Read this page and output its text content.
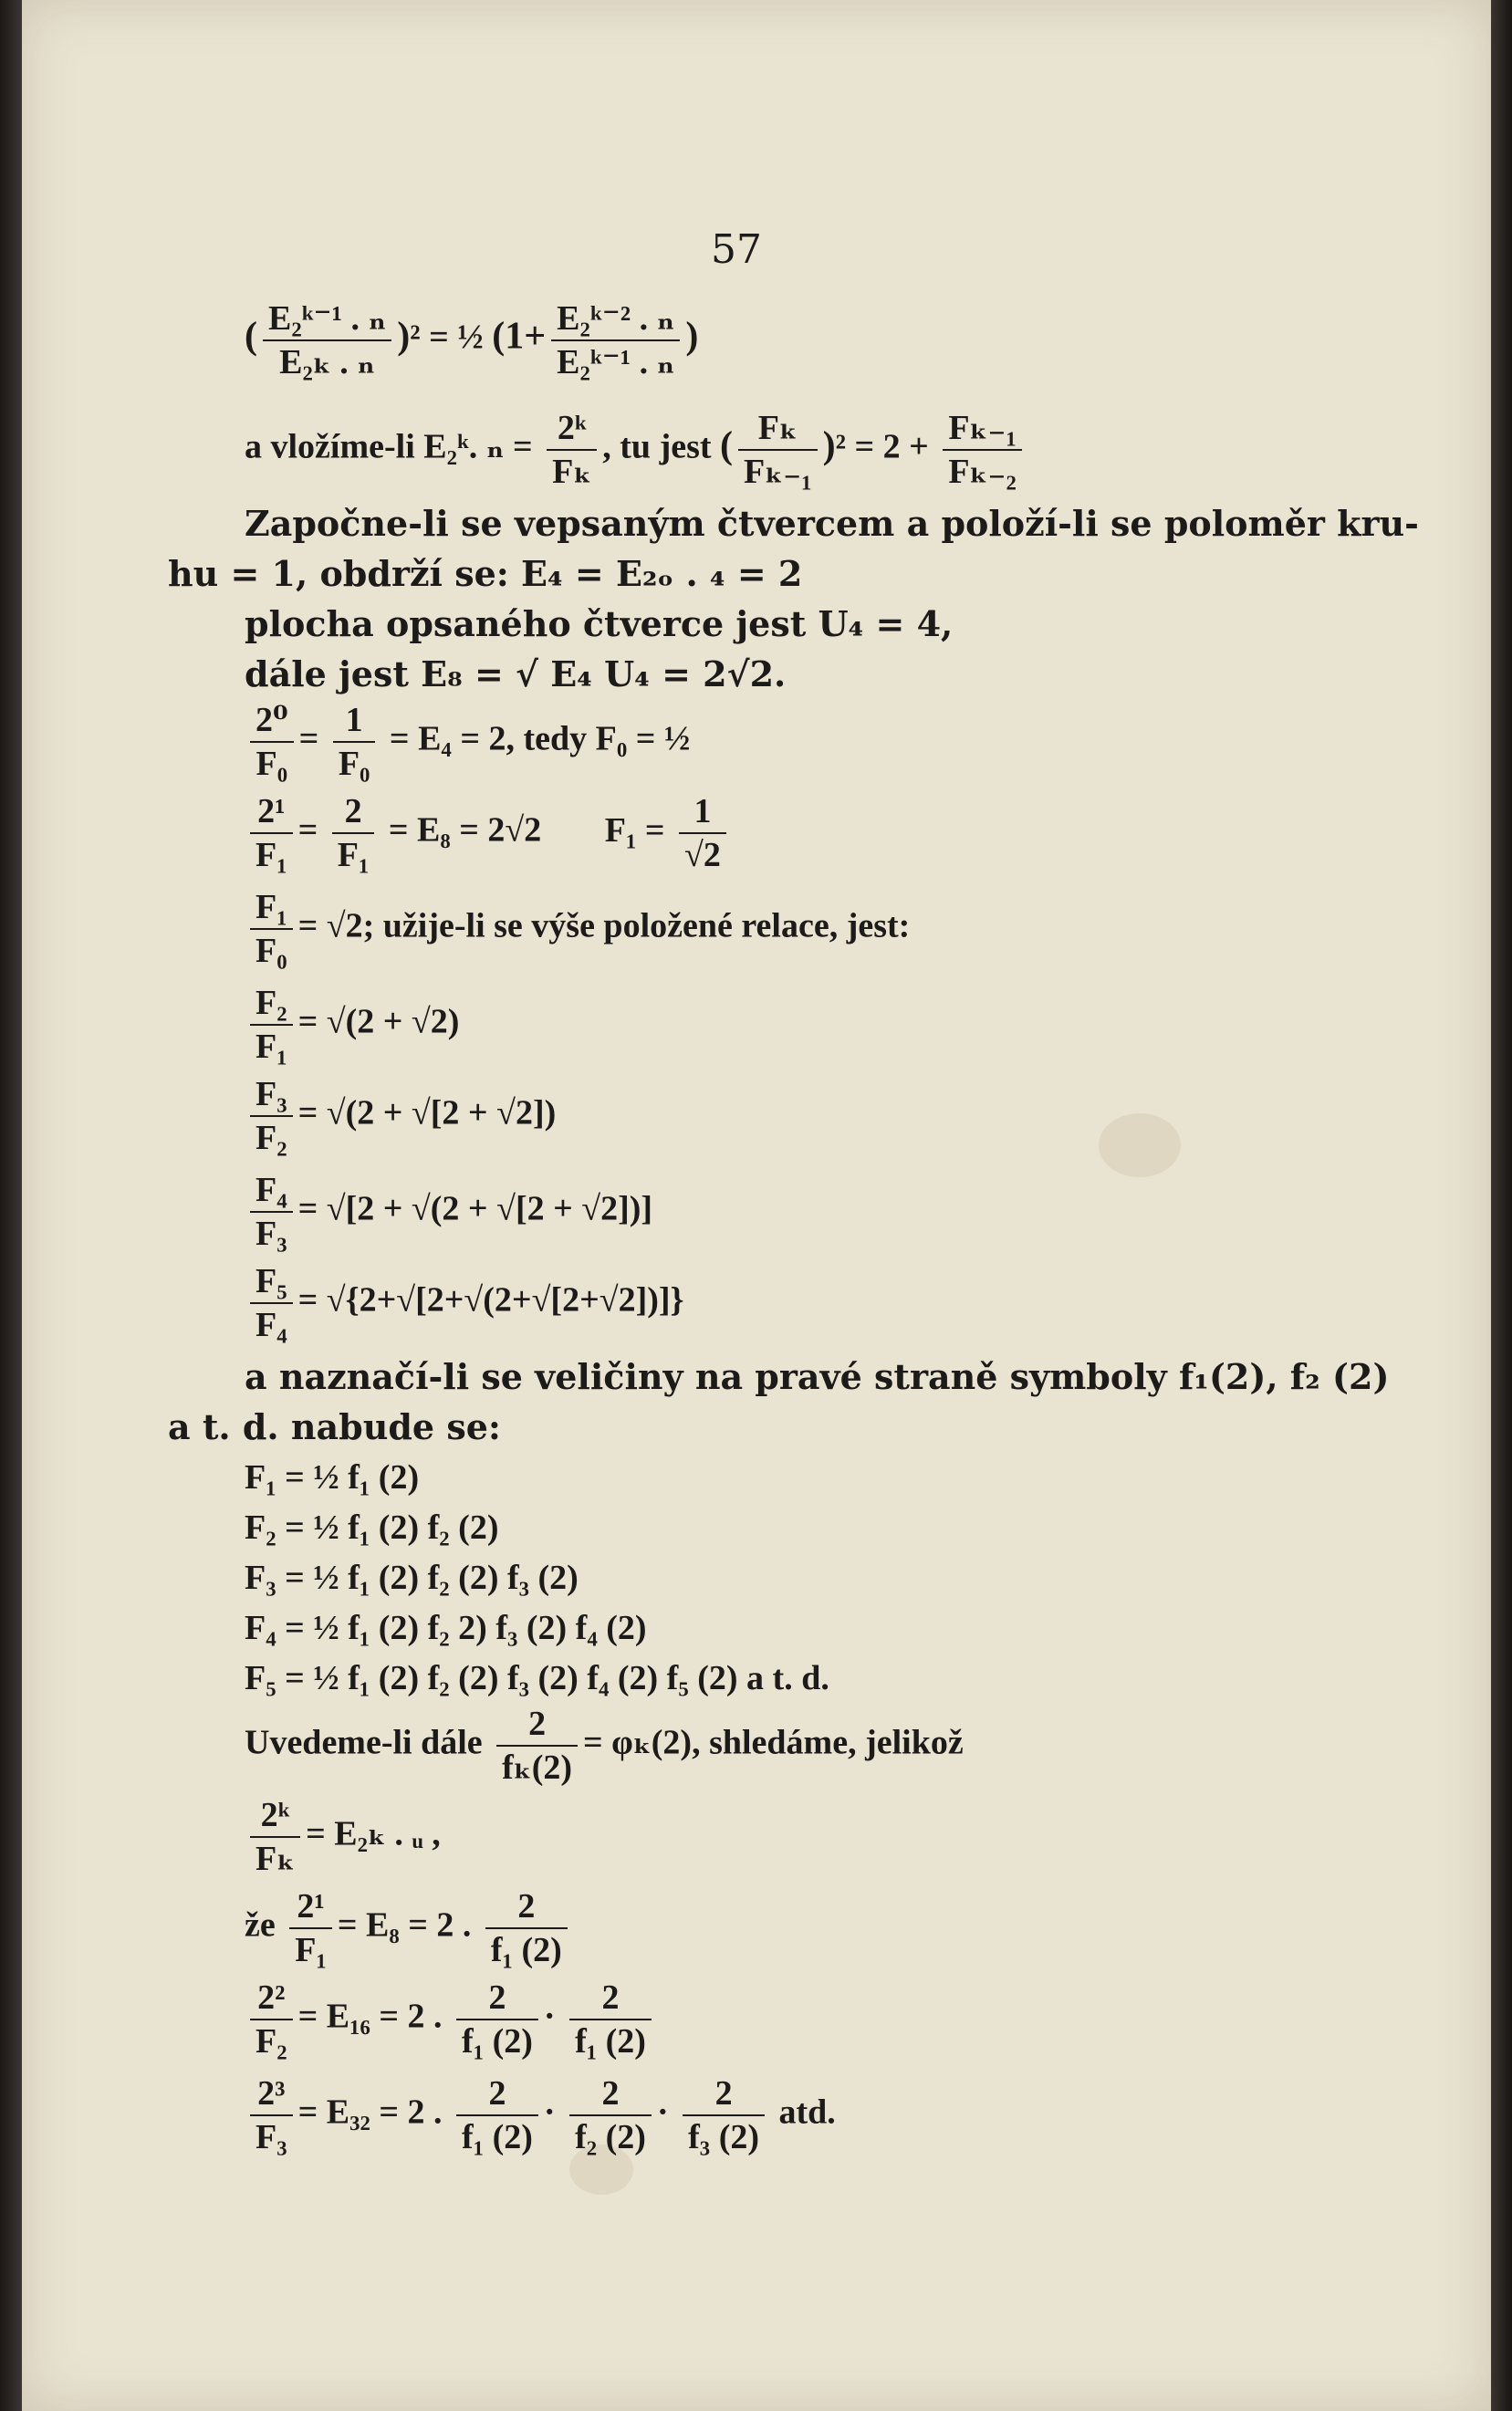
57
( $\frac{\text{E₂ᵏ⁻¹ . ₙ}}{\text{E₂ₖ . ₙ}} )^2$ = ½ ($1+ \frac{\text{E₂ᵏ⁻² . ₙ}}{\text{E₂ᵏ⁻¹ . ₙ}}$ )
a vložíme-li E₂ᵏ. $_n = \frac{\text{2ᵏ}}{\text{Fₖ}}$ , tu jest ( $\frac{\text{Fₖ}}{\text{Fₖ₋₁}} )^2 = 2 + \frac{\text{Fₖ₋₁}}{\text{Fₖ₋₂}}$
Započne-li se vepsaným čtvercem a položí-li se poloměr kru-
hu = 1, obdrží se: E₄ = E₂ₒ . ₄ = 2
plocha opsaného čtverce jest U₄ = 4,
dále jest E₈ = √ E₄ U₄ = 2√2.
$\frac{\text{2⁰}}{\text{F₀}} = \frac{1}{\text{F₀}} = E_4 = 2$, tedy F₀ = ½
$\frac{\text{2¹}}{\text{F₁}} = \frac{2}{\text{F₁}} = E_8 = 2√2$ $F_1 = \frac{1}{√2}$
$\frac{\text{F₁}}{\text{F₀}} = √2$; užije-li se výše položené relace, jest:
$\frac{\text{F₂}}{\text{F₁}} = √(2 + √2)$
$\frac{\text{F₃}}{\text{F₂}} = √(2 + √[2 + √2])$
$\frac{\text{F₄}}{\text{F₃}} = √[2 + √(2 + √[2 + √2])]$
$\frac{\text{F₅}}{\text{F₄}} = √\{2+√[2+√(2+√[2+√2])]\}$
a naznačí-li se veličiny na pravé straně symboly f₁(2), f₂ (2)
a t. d. nabude se:
F₁ = ½ f₁ (2)
F₂ = ½ f₁ (2) f₂ (2)
F₃ = ½ f₁ (2) f₂ (2) f₃ (2)
F₄ = ½ f₁ (2) f₂ 2) f₃ (2) f₄ (2)
F₅ = ½ f₁ (2) f₂ (2) f₃ (2) f₄ (2) f₅ (2) a t. d.
Uvedeme-li dále $\frac{2}{\text{fₖ(2)}} = \varphi_k(2)$, shledáme, jelikož
$\frac{\text{2ᵏ}}{\text{Fₖ}} = E_{2k}$ . ᵤ ,
že $\frac{\text{2¹}}{\text{F₁}} = E_8 = 2$ . $\frac{2}{\text{f₁ (2)}}$
$\frac{\text{2²}}{\text{F₂}} = E_{16} = 2$ . $\frac{2}{\text{f₁ (2)}} \cdot \frac{2}{\text{f₁ (2)}}$
$\frac{\text{2³}}{\text{F₃}} = E_{32} = 2$ . $\frac{2}{\text{f₁ (2)}} \cdot \frac{2}{\text{f₂ (2)}} \cdot \frac{2}{\text{f₃ (2)}}$ atd.
